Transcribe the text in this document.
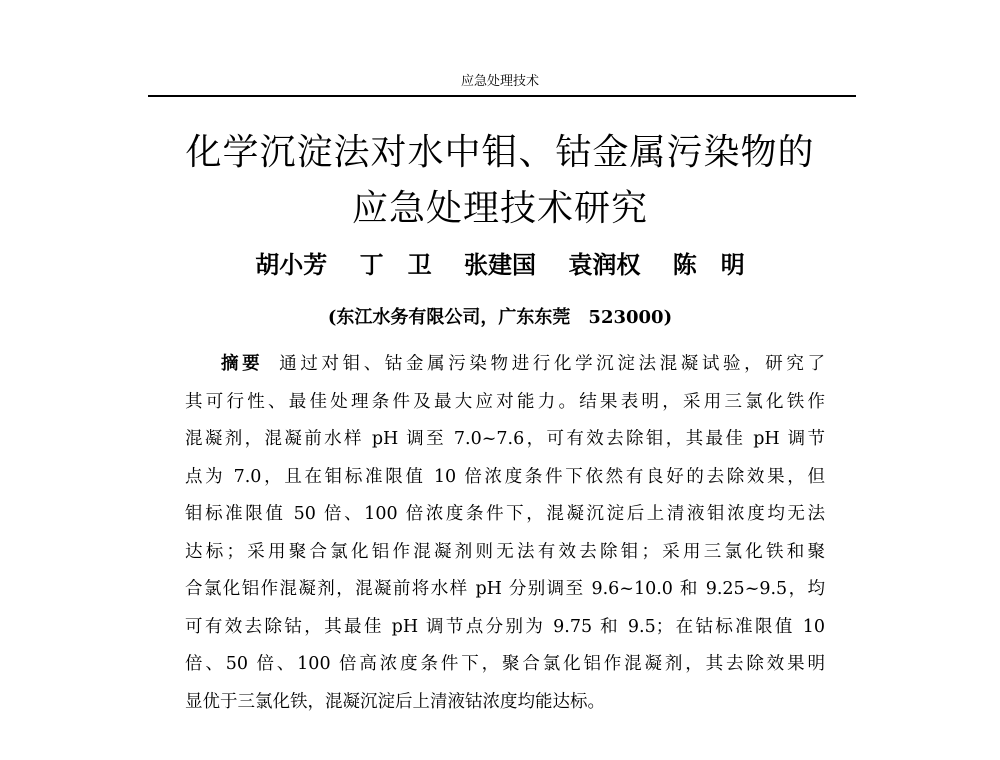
应急处理技术
化学沉淀法对水中钼、钴金属污染物的
应急处理技术研究
胡小芳 丁　卫 张建国 袁润权 陈　明
(东江水务有限公司，广东东莞　523000)
摘要 通过对钼、钴金属污染物进行化学沉淀法混凝试验，研究了
其可行性、最佳处理条件及最大应对能力。结果表明，采用三氯化铁作
混凝剂，混凝前水样 pH 调至 7.0~7.6，可有效去除钼，其最佳 pH 调节
点为 7.0，且在钼标准限值 10 倍浓度条件下依然有良好的去除效果，但
钼标准限值 50 倍、100 倍浓度条件下，混凝沉淀后上清液钼浓度均无法
达标；采用聚合氯化铝作混凝剂则无法有效去除钼；采用三氯化铁和聚
合氯化铝作混凝剂，混凝前将水样 pH 分别调至 9.6~10.0 和 9.25~9.5，均
可有效去除钴，其最佳 pH 调节点分别为 9.75 和 9.5；在钴标准限值 10
倍、50 倍、100 倍高浓度条件下，聚合氯化铝作混凝剂，其去除效果明
显优于三氯化铁，混凝沉淀后上清液钴浓度均能达标。
